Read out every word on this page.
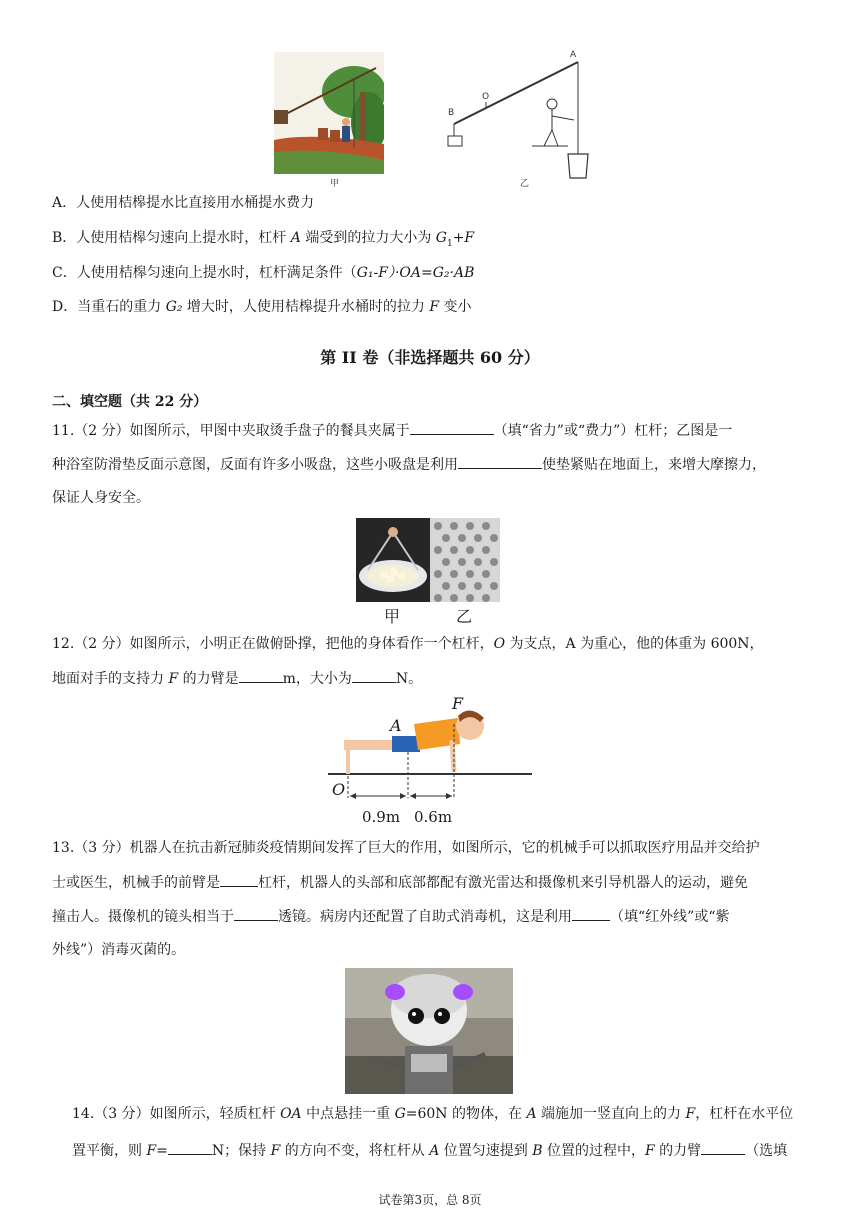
甲
A
B
O
乙
A．人使用桔槔提水比直接用水桶提水费力
B．人使用桔槔匀速向上提水时，杠杆 A 端受到的拉力大小为 $G_1+F$
C．人使用桔槔匀速向上提水时，杠杆满足条件（G₁-F）·OA=G₂·AB
D．当重石的重力 G₂ 增大时，人使用桔槔提升水桶时的拉力 F 变小
第 II 卷（非选择题共 60 分）
二、填空题（共 22 分）
11.（2 分）如图所示，甲图中夹取烫手盘子的餐具夹属于	（填“省力”或“费力”）杠杆；乙图是一
种浴室防滑垫反面示意图，反面有许多小吸盘，这些小吸盘是利用	使垫紧贴在地面上，来增大摩擦力，
保证人身安全。
甲	乙
12.（2 分）如图所示，小明正在做俯卧撑，把他的身体看作一个杠杆，O 为支点，A 为重心，他的体重为 600N，
地面对手的支持力 F 的力臂是	m，大小为	N。
A
F
O
0.9m 0.6m
13.（3 分）机器人在抗击新冠肺炎疫情期间发挥了巨大的作用，如图所示，它的机械手可以抓取医疗用品并交给护
士或医生，机械手的前臂是	杠杆，机器人的头部和底部都配有激光雷达和摄像机来引导机器人的运动，避免
撞击人。摄像机的镜头相当于	透镜。病房内还配置了自助式消毒机，这是利用	（填“红外线”或“紫
外线”）消毒灭菌的。
14.（3 分）如图所示，轻质杠杆 OA 中点悬挂一重 G=60N 的物体，在 A 端施加一竖直向上的力 F，杠杆在水平位
置平衡，则 F=	N；保持 F 的方向不变，将杠杆从 A 位置匀速提到 B 位置的过程中，F 的力臂	（选填
试卷第3页，总 8页
